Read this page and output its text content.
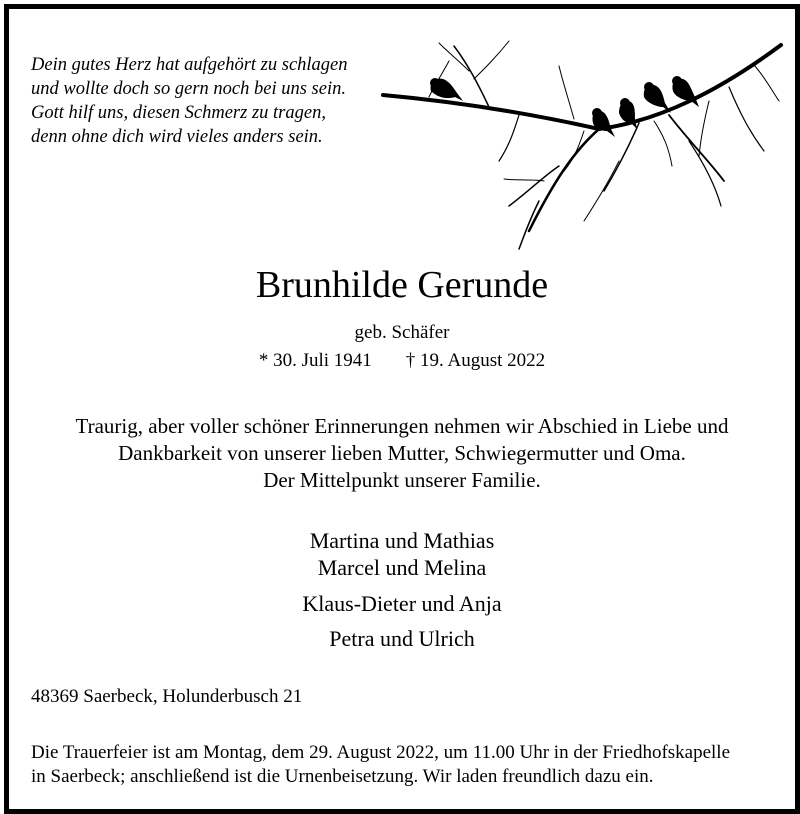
Dein gutes Herz hat aufgehört zu schlagen
und wollte doch so gern noch bei uns sein.
Gott hilf uns, diesen Schmerz zu tragen,
denn ohne dich wird vieles anders sein.
Brunhilde Gerunde
geb. Schäfer
* 30. Juli 1941 † 19. August 2022
Traurig, aber voller schöner Erinnerungen nehmen wir Abschied in Liebe und
Dankbarkeit von unserer lieben Mutter, Schwiegermutter und Oma.
Der Mittelpunkt unserer Familie.
Martina und Mathias
Marcel und Melina
Klaus-Dieter und Anja
Petra und Ulrich
48369 Saerbeck, Holunderbusch 21
Die Trauerfeier ist am Montag, dem 29. August 2022, um 11.00 Uhr in der Friedhofskapelle
in Saerbeck; anschließend ist die Urnenbeisetzung. Wir laden freundlich dazu ein.
